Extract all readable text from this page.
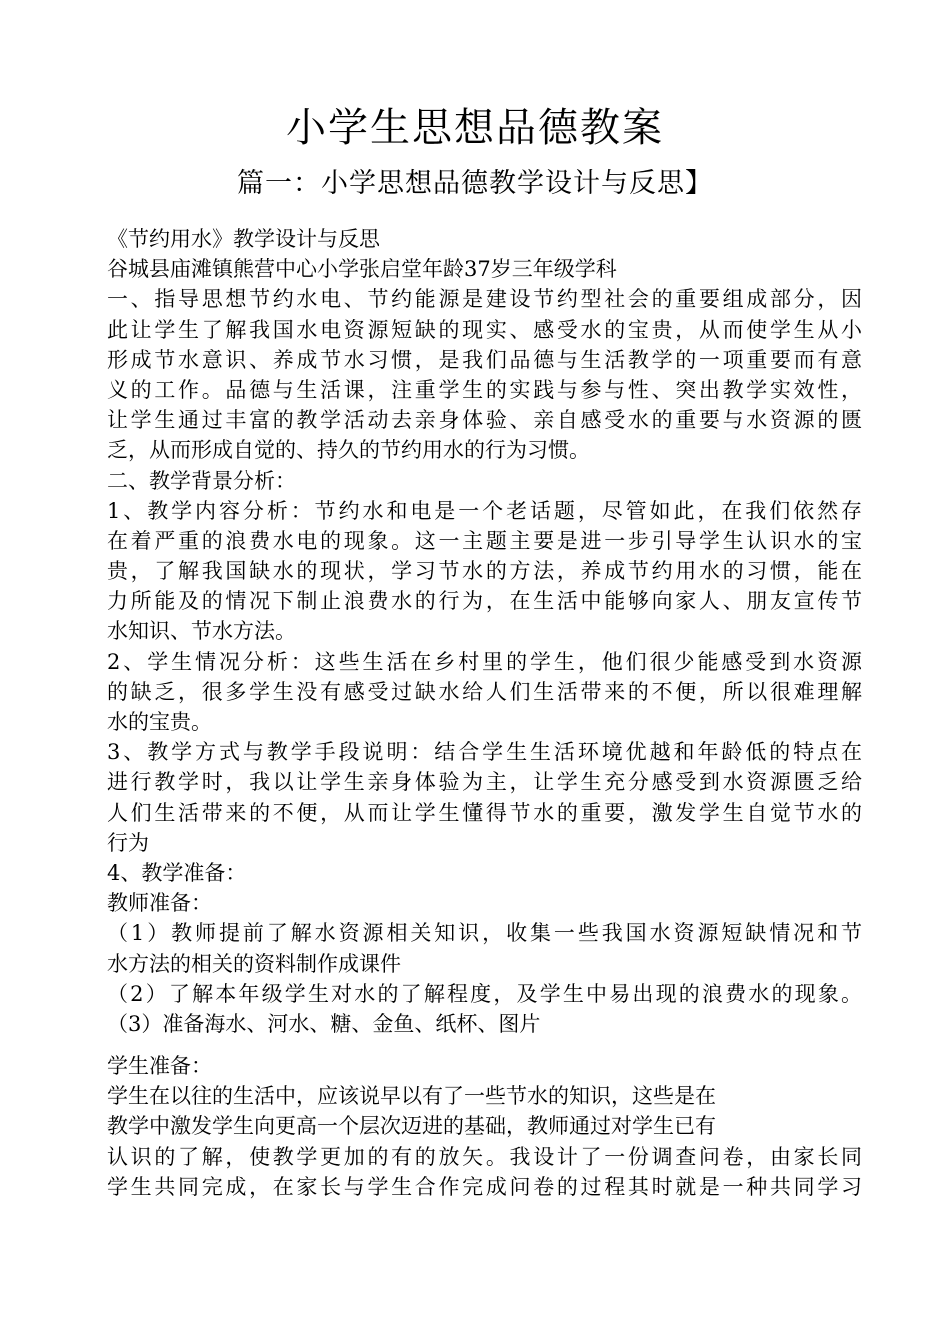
小学生思想品德教案
篇一：小学思想品德教学设计与反思】
《节约用水》教学设计与反思
谷城县庙滩镇熊营中心小学张启堂年龄37岁三年级学科
一、指导思想节约水电、节约能源是建设节约型社会的重要组成部分，因
此让学生了解我国水电资源短缺的现实、感受水的宝贵，从而使学生从小
形成节水意识、养成节水习惯，是我们品德与生活教学的一项重要而有意
义的工作。品德与生活课，注重学生的实践与参与性、突出教学实效性，
让学生通过丰富的教学活动去亲身体验、亲自感受水的重要与水资源的匮
乏，从而形成自觉的、持久的节约用水的行为习惯。
二、教学背景分析：
1、教学内容分析：节约水和电是一个老话题，尽管如此，在我们依然存
在着严重的浪费水电的现象。这一主题主要是进一步引导学生认识水的宝
贵，了解我国缺水的现状，学习节水的方法，养成节约用水的习惯，能在
力所能及的情况下制止浪费水的行为，在生活中能够向家人、朋友宣传节
水知识、节水方法。
2、学生情况分析：这些生活在乡村里的学生，他们很少能感受到水资源
的缺乏，很多学生没有感受过缺水给人们生活带来的不便，所以很难理解
水的宝贵。
3、教学方式与教学手段说明：结合学生生活环境优越和年龄低的特点在
进行教学时，我以让学生亲身体验为主，让学生充分感受到水资源匮乏给
人们生活带来的不便，从而让学生懂得节水的重要，激发学生自觉节水的
行为
4、教学准备：
教师准备：
（1）教师提前了解水资源相关知识，收集一些我国水资源短缺情况和节
水方法的相关的资料制作成课件
（2）了解本年级学生对水的了解程度，及学生中易出现的浪费水的现象。
（3）准备海水、河水、糖、金鱼、纸杯、图片
学生准备：
学生在以往的生活中，应该说早以有了一些节水的知识，这些是在
教学中激发学生向更高一个层次迈进的基础，教师通过对学生已有
认识的了解，使教学更加的有的放矢。我设计了一份调查问卷，由家长同
学生共同完成，在家长与学生合作完成问卷的过程其时就是一种共同学习
